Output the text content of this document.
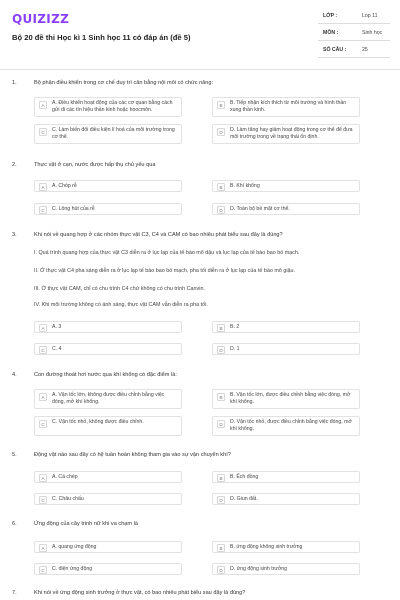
QUIZIZZ
Bộ 20 đề thi Học kì 1 Sinh học 11 có đáp án (đề 5)
LỚP :	Lop 11
MÔN :	Sinh học
SỐ CÂU :	25
1.	Bộ phận điều khiển trong cơ chế duy trì cân bằng nội môi có chức năng:
A	A. Điều khiển hoạt động của các cơ quan bằng cách gửi đi các tín hiệu thần kinh hoặc hoocmôn.
B	B. Tiếp nhận kích thích từ môi trường và hình thần xung thần kinh.
C	C. Làm biến đổi điều kiện lí hoá của môi trường trong cơ thể.
D	D. Làm tăng hay giảm hoạt động trong cơ thể để đưa môi trường trong về trạng thái ổn định.
2.	Thực vật ở cạn, nước được hấp thụ chủ yếu qua
A	A. Chóp rễ	B	B. Khí khổng
C	C. Lông hút của rễ	D	D. Toàn bộ bề mặt cơ thể.
3.	Khi nói về quang hợp ở các nhóm thực vật C3, C4 và CAM có bao nhiêu phát biểu sau đây là đúng?
I. Quá trình quang hợp của thực vật C3 diễn ra ở lục lạp của tế bào mô dậu và lục lạp của tế bào bao bó mạch.
II. Ở thực vật C4 pha sáng diễn ra ở lục lạp tế bào bao bó mạch, pha tối diễn ra ở lục lạp của tế bào mô giậu.
III. Ở thực vật CAM, chỉ có chu trình C4 chứ không có chu trình Canvin.
IV. Khi môi trường không có ánh sáng, thực vật CAM vẫn diễn ra pha tối.
A	A. 3	B	B. 2
C	C. 4	D	D. 1
4.	Con đường thoát hơi nước qua khí khổng có đặc điểm là:
A	A. Vận tốc lớn, không được điều chỉnh bằng việc đóng, mở khí khổng.
B	B. Vận tốc lớn, được điều chỉnh bằng việc đóng, mở khí khổng.
C	C. Vận tốc nhỏ, không được điều chỉnh.	D	D. Vận tốc nhỏ, được điều chỉnh bằng việc đóng, mở khí khổng.
5.	Động vật nào sau đây có hệ tuần hoàn không tham gia vào sự vận chuyển khí?
A	A. Cá chép	B	B. Ếch đồng
C	C. Châu chấu	D	D. Giun đất.
6.	Ứng động của cây trinh nữ khi va chạm là
A	A. quang ứng động	B	B. ứng động không sinh trưởng
C	C. điện ứng động	D	D. ứng động sinh trưởng
7.	Khi nói về ứng động sinh trưởng ở thực vật, có bao nhiêu phát biểu sau đây là đúng?
